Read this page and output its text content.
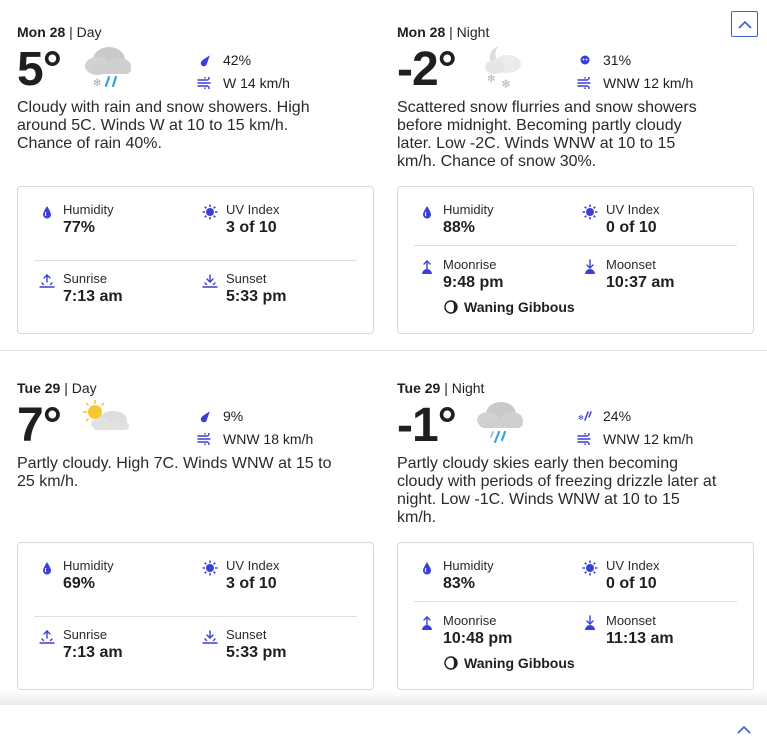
Mon 28 | Day
5°	✻
42%
W 14 km/h
Cloudy with rain and snow showers. High around 5C. Winds W at 10 to 15 km/h. Chance of rain 40%.
Humidity
77%
UV Index
3 of 10
Sunrise
7:13 am
Sunset
5:33 pm
Mon 28 | Night
-2°	✻ ❄
31%
WNW 12 km/h
Scattered snow flurries and snow showers before midnight. Becoming partly cloudy later. Low -2C. Winds WNW at 10 to 15 km/h. Chance of snow 30%.
Humidity
88%
UV Index
0 of 10
Moonrise
9:48 pm
Moonset
10:37 am
Waning Gibbous
Tue 29 | Day
7°	9%
WNW 18 km/h
Partly cloudy. High 7C. Winds WNW at 15 to 25 km/h.
Humidity
69%
UV Index
3 of 10
Sunrise
7:13 am
Sunset
5:33 pm
Tue 29 | Night
-1°	✻ 24%
WNW 12 km/h
Partly cloudy skies early then becoming cloudy with periods of freezing drizzle later at night. Low -1C. Winds WNW at 10 to 15 km/h.
Humidity
83%
UV Index
0 of 10
Moonrise
10:48 pm
Moonset
11:13 am
Waning Gibbous
